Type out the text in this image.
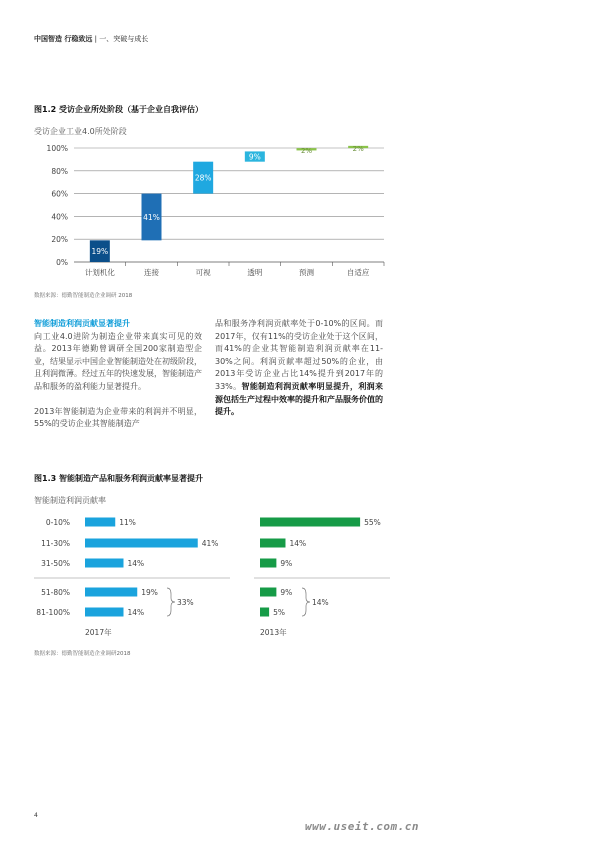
中国智造 行稳致远 | 一、突破与成长
图1.2 受访企业所处阶段（基于企业自我评估）
受访企业工业4.0所处阶段
0%
20%
40%
60%
80%
100%
19%
计划机化
41%
连接
28%
可视
9%
透明
2%
预测
2%
自适应
数据来源：德勤智能制造企业调研 2018
智能制造利润贡献显著提升
向工业4.0进阶为制造企业带来真实可见的效益。2013年德勤曾调研全国200家制造型企业，结果显示中国企业智能制造处在初级阶段，且利润微薄。经过五年的快速发展，智能制造产品和服务的盈利能力显著提升。
2013年智能制造为企业带来的利润并不明显，55%的受访企业其智能制造产
品和服务净利润贡献率处于0-10%的区间。而2017年，仅有11%的受访企业处于这个区间，而41%的企业其智能制造利润贡献率在11-30%之间。利润贡献率超过50%的企业，由2013年受访企业占比14%提升到2017年的33%。智能制造利润贡献率明显提升，利润来源包括生产过程中效率的提升和产品服务价值的提升。
图1.3 智能制造产品和服务利润贡献率显著提升
智能制造利润贡献率
0-10%	11%	55%
11-30%	41%	14%
31-50%	14%	9%
51-80%	19%	9%
81-100%	14%	5%
33%	14%
2017年	2013年
数据来源：德勤智能制造企业调研2018
4
www.useit.com.cn
